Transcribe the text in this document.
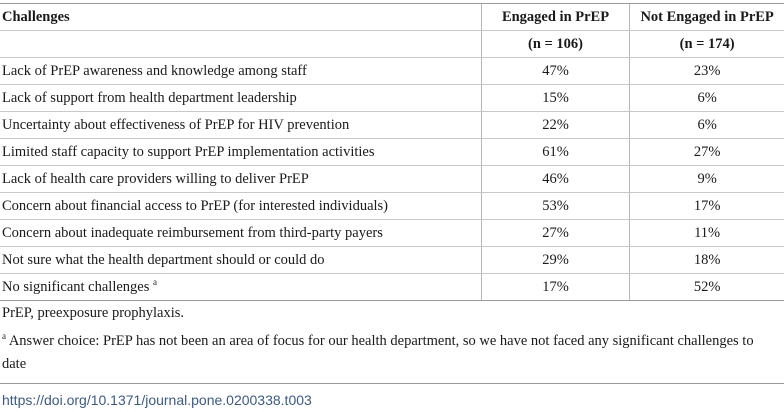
Challenges	Engaged in PrEP	Not Engaged in PrEP
	(n = 106)	(n = 174)
Lack of PrEP awareness and knowledge among staff	47%	23%
Lack of support from health department leadership	15%	6%
Uncertainty about effectiveness of PrEP for HIV prevention	22%	6%
Limited staff capacity to support PrEP implementation activities	61%	27%
Lack of health care providers willing to deliver PrEP	46%	9%
Concern about financial access to PrEP (for interested individuals)	53%	17%
Concern about inadequate reimbursement from third-party payers	27%	11%
Not sure what the health department should or could do	29%	18%
No significant challenges $^a$	17%	52%
PrEP, preexposure prophylaxis.
$^a$ Answer choice: PrEP has not been an area of focus for our health department, so we have not faced any significant challenges to date
https://doi.org/10.1371/journal.pone.0200338.t003
